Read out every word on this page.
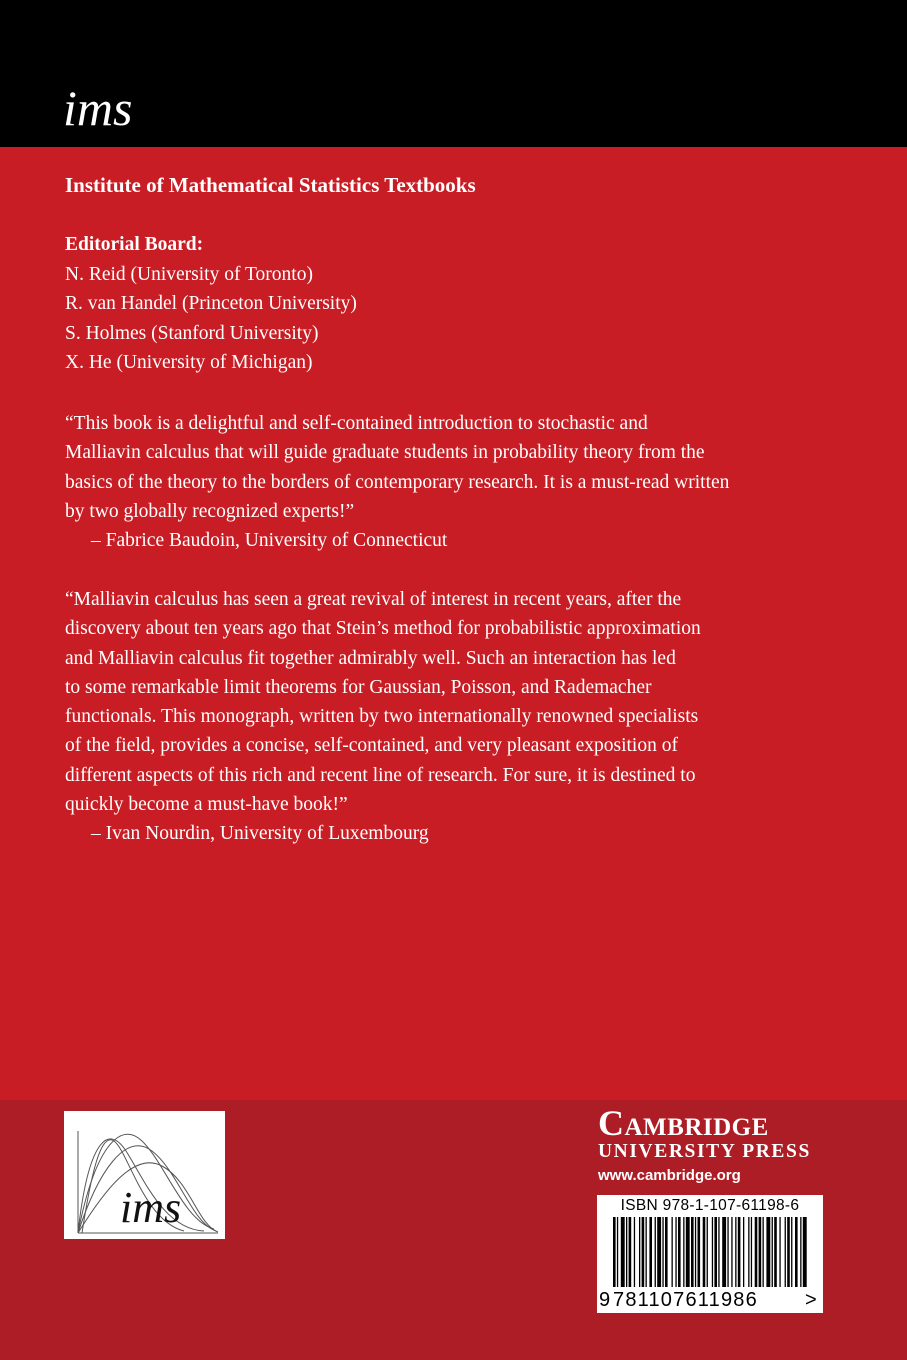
ims
Institute of Mathematical Statistics Textbooks
Editorial Board:
N. Reid (University of Toronto)
R. van Handel (Princeton University)
S. Holmes (Stanford University)
X. He (University of Michigan)
“This book is a delightful and self-contained introduction to stochastic and
Malliavin calculus that will guide graduate students in probability theory from the
basics of the theory to the borders of contemporary research. It is a must-read written
by two globally recognized experts!”
– Fabrice Baudoin, University of Connecticut
“Malliavin calculus has seen a great revival of interest in recent years, after the
discovery about ten years ago that Stein’s method for probabilistic approximation
and Malliavin calculus fit together admirably well. Such an interaction has led
to some remarkable limit theorems for Gaussian, Poisson, and Rademacher
functionals. This monograph, written by two internationally renowned specialists
of the field, provides a concise, self-contained, and very pleasant exposition of
different aspects of this rich and recent line of research. For sure, it is destined to
quickly become a must-have book!”
– Ivan Nourdin, University of Luxembourg
ims
Cambridge
UNIVERSITY PRESS
www.cambridge.org
ISBN 978-1-107-61198-6
9 781107611986 >
